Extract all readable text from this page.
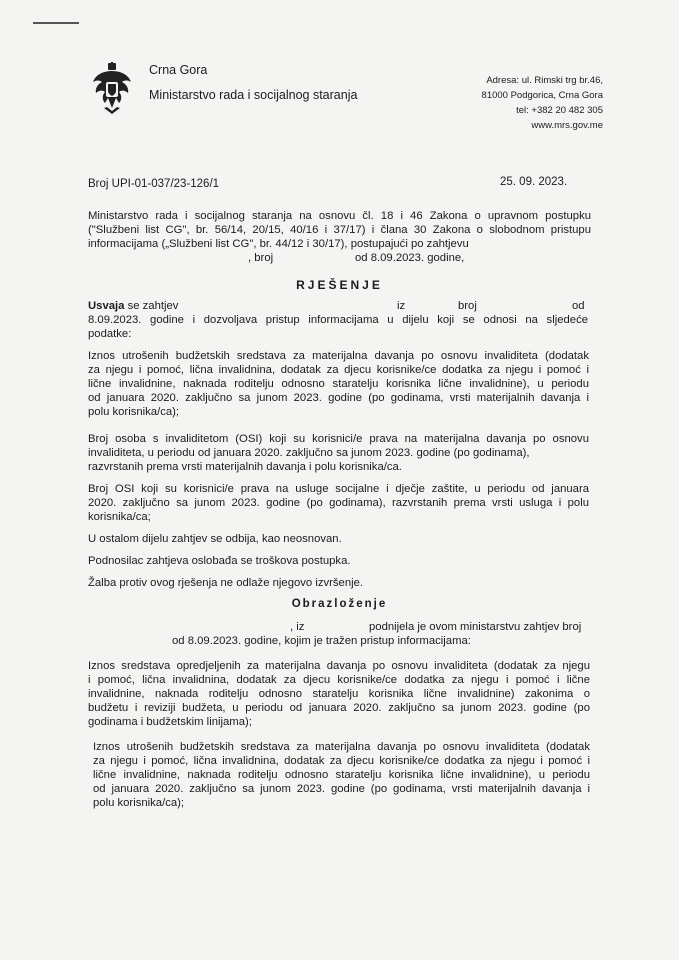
Crna Gora
Ministarstvo rada i socijalnog staranja
Adresa: ul. Rimski trg br.46,
81000 Podgorica, Crna Gora
tel: +382 20 482 305
www.mrs.gov.me
Broj UPI-01-037/23-126/1	25. 09. 2023.
Ministarstvo rada i socijalnog staranja na osnovu čl. 18 i 46 Zakona o upravnom postupku
("Službeni list CG", br. 56/14, 20/15, 40/16 i 37/17) i člana 30 Zakona o slobodnom pristupu
informacijama („Službeni list CG", br. 44/12 i 30/17), postupajući po zahtjevu
, broj	od 8.09.2023. godine,
RJEŠENJE
Usvaja se zahtjev	iz	broj	od
8.09.2023. godine i dozvoljava pristup informacijama u dijelu koji se odnosi na sljedeće
podatke:
Iznos utrošenih budžetskih sredstava za materijalna davanja po osnovu invaliditeta (dodatak
za njegu i pomoć, lična invalidnina, dodatak za djecu korisnike/ce dodatka za njegu i pomoć i
lične invalidnine, naknada roditelju odnosno staratelju korisnika lične invalidnine), u periodu
od januara 2020. zaključno sa junom 2023. godine (po godinama, vrsti materijalnih davanja i
polu korisnika/ca);
Broj osoba s invaliditetom (OSI) koji su korisnici/e prava na materijalna davanja po osnovu
invaliditeta, u periodu od januara 2020. zaključno sa junom 2023. godine (po godinama),
razvrstanih prema vrsti materijalnih davanja i polu korisnika/ca.
Broj OSI koji su korisnici/e prava na usluge socijalne i dječje zaštite, u periodu od januara
2020. zaključno sa junom 2023. godine (po godinama), razvrstanih prema vrsti usluga i polu
korisnika/ca;
U ostalom dijelu zahtjev se odbija, kao neosnovan.
Podnosilac zahtjeva oslobađa se troškova postupka.
Žalba protiv ovog rješenja ne odlaže njegovo izvršenje.
Obrazloženje
, iz	podnijela je ovom ministarstvu zahtjev broj
od 8.09.2023. godine, kojim je tražen pristup informacijama:
Iznos sredstava opredjeljenih za materijalna davanja po osnovu invaliditeta (dodatak za njegu
i pomoć, lična invalidnina, dodatak za djecu korisnike/ce dodatka za njegu i pomoć i lične
invalidnine, naknada roditelju odnosno staratelju korisnika lične invalidnine) zakonima o
budžetu i reviziji budžeta, u periodu od januara 2020. zaključno sa junom 2023. godine (po
godinama i budžetskim linijama);
Iznos utrošenih budžetskih sredstava za materijalna davanja po osnovu invaliditeta (dodatak
za njegu i pomoć, lična invalidnina, dodatak za djecu korisnike/ce dodatka za njegu i pomoć i
lične invalidnine, naknada roditelju odnosno staratelju korisnika lične invalidnine), u periodu
od januara 2020. zaključno sa junom 2023. godine (po godinama, vrsti materijalnih davanja i
polu korisnika/ca);
